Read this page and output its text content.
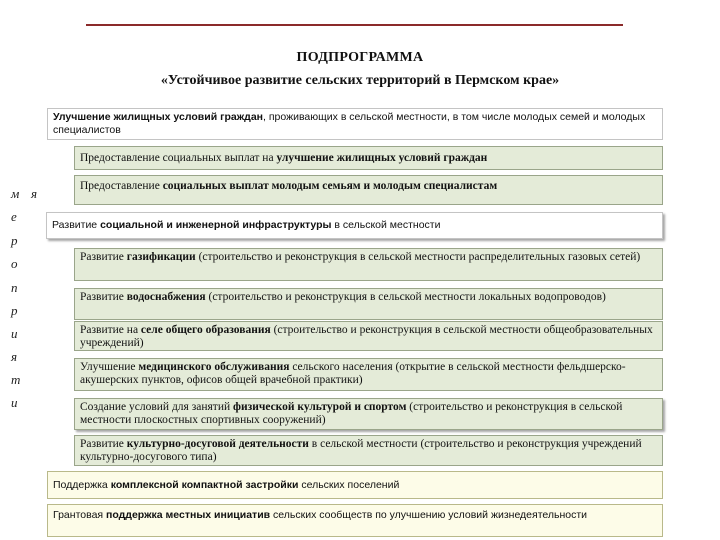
ПОДПРОГРАММА
«Устойчивое развитие сельских территорий в Пермском крае»
м я
е
р
о
п
р
и
я
т
и
Улучшение жилищных условий граждан, проживающих в сельской местности, в том числе молодых семей и молодых специалистов
Предоставление социальных выплат на улучшение жилищных условий граждан
Предоставление социальных выплат молодым семьям и молодым специалистам
Развитие социальной и инженерной инфраструктуры в сельской местности
Развитие газификации (строительство и реконструкция в сельской местности распределительных газовых сетей)
Развитие водоснабжения (строительство и реконструкция в сельской местности локальных водопроводов)
Развитие на селе общего образования (строительство и реконструкция в сельской местности общеобразовательных учреждений)
Улучшение медицинского обслуживания сельского населения (открытие в сельской местности фельдшерско-акушерских пунктов, офисов общей врачебной практики)
Создание условий для занятий физической культурой и спортом (строительство и реконструкция в сельской местности плоскостных спортивных сооружений)
Развитие культурно-досуговой деятельности в сельской местности (строительство и реконструкция учреждений культурно-досугового типа)
Поддержка комплексной компактной застройки сельских поселений
Грантовая поддержка местных инициатив сельских сообществ по улучшению условий жизнедеятельности
